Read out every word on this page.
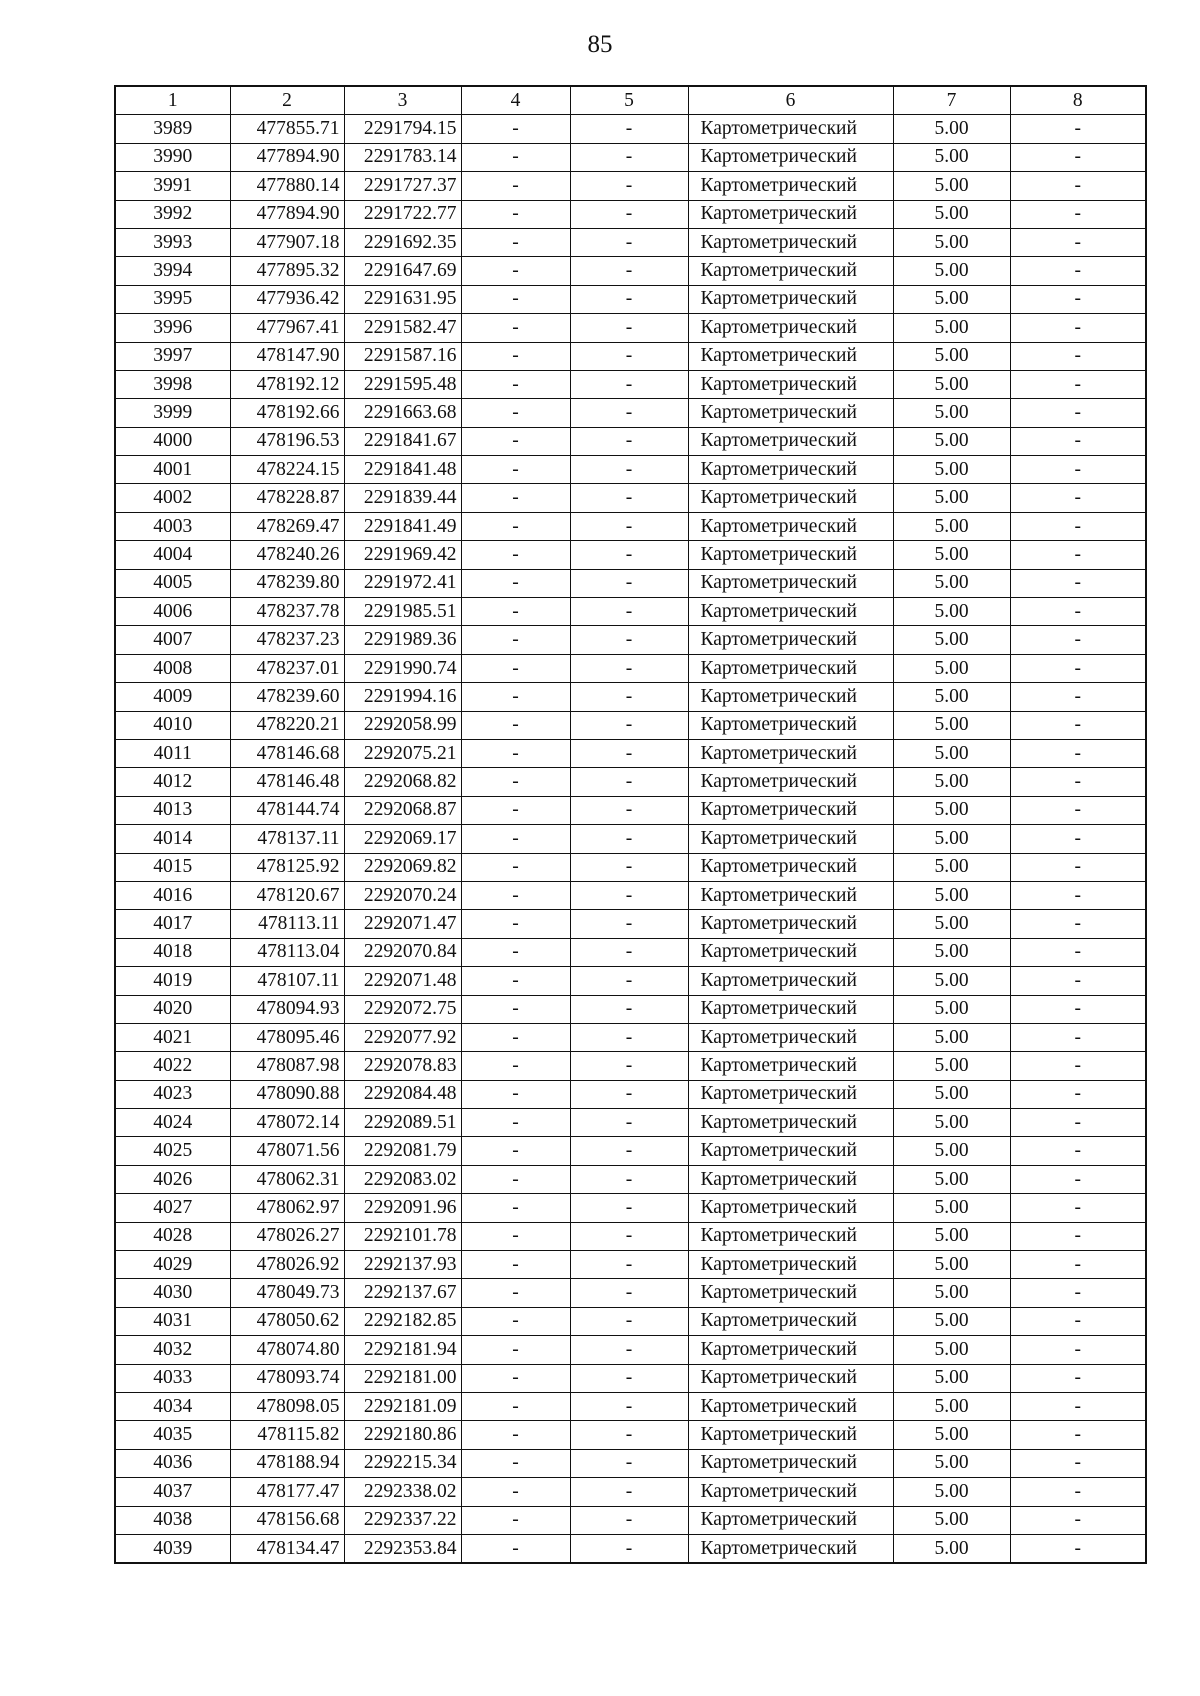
85
1	2	3	4	5	6	7	8
3989	477855.71	2291794.15	-	-	Картометрический	5.00	-
3990	477894.90	2291783.14	-	-	Картометрический	5.00	-
3991	477880.14	2291727.37	-	-	Картометрический	5.00	-
3992	477894.90	2291722.77	-	-	Картометрический	5.00	-
3993	477907.18	2291692.35	-	-	Картометрический	5.00	-
3994	477895.32	2291647.69	-	-	Картометрический	5.00	-
3995	477936.42	2291631.95	-	-	Картометрический	5.00	-
3996	477967.41	2291582.47	-	-	Картометрический	5.00	-
3997	478147.90	2291587.16	-	-	Картометрический	5.00	-
3998	478192.12	2291595.48	-	-	Картометрический	5.00	-
3999	478192.66	2291663.68	-	-	Картометрический	5.00	-
4000	478196.53	2291841.67	-	-	Картометрический	5.00	-
4001	478224.15	2291841.48	-	-	Картометрический	5.00	-
4002	478228.87	2291839.44	-	-	Картометрический	5.00	-
4003	478269.47	2291841.49	-	-	Картометрический	5.00	-
4004	478240.26	2291969.42	-	-	Картометрический	5.00	-
4005	478239.80	2291972.41	-	-	Картометрический	5.00	-
4006	478237.78	2291985.51	-	-	Картометрический	5.00	-
4007	478237.23	2291989.36	-	-	Картометрический	5.00	-
4008	478237.01	2291990.74	-	-	Картометрический	5.00	-
4009	478239.60	2291994.16	-	-	Картометрический	5.00	-
4010	478220.21	2292058.99	-	-	Картометрический	5.00	-
4011	478146.68	2292075.21	-	-	Картометрический	5.00	-
4012	478146.48	2292068.82	-	-	Картометрический	5.00	-
4013	478144.74	2292068.87	-	-	Картометрический	5.00	-
4014	478137.11	2292069.17	-	-	Картометрический	5.00	-
4015	478125.92	2292069.82	-	-	Картометрический	5.00	-
4016	478120.67	2292070.24	-	-	Картометрический	5.00	-
4017	478113.11	2292071.47	-	-	Картометрический	5.00	-
4018	478113.04	2292070.84	-	-	Картометрический	5.00	-
4019	478107.11	2292071.48	-	-	Картометрический	5.00	-
4020	478094.93	2292072.75	-	-	Картометрический	5.00	-
4021	478095.46	2292077.92	-	-	Картометрический	5.00	-
4022	478087.98	2292078.83	-	-	Картометрический	5.00	-
4023	478090.88	2292084.48	-	-	Картометрический	5.00	-
4024	478072.14	2292089.51	-	-	Картометрический	5.00	-
4025	478071.56	2292081.79	-	-	Картометрический	5.00	-
4026	478062.31	2292083.02	-	-	Картометрический	5.00	-
4027	478062.97	2292091.96	-	-	Картометрический	5.00	-
4028	478026.27	2292101.78	-	-	Картометрический	5.00	-
4029	478026.92	2292137.93	-	-	Картометрический	5.00	-
4030	478049.73	2292137.67	-	-	Картометрический	5.00	-
4031	478050.62	2292182.85	-	-	Картометрический	5.00	-
4032	478074.80	2292181.94	-	-	Картометрический	5.00	-
4033	478093.74	2292181.00	-	-	Картометрический	5.00	-
4034	478098.05	2292181.09	-	-	Картометрический	5.00	-
4035	478115.82	2292180.86	-	-	Картометрический	5.00	-
4036	478188.94	2292215.34	-	-	Картометрический	5.00	-
4037	478177.47	2292338.02	-	-	Картометрический	5.00	-
4038	478156.68	2292337.22	-	-	Картометрический	5.00	-
4039	478134.47	2292353.84	-	-	Картометрический	5.00	-
